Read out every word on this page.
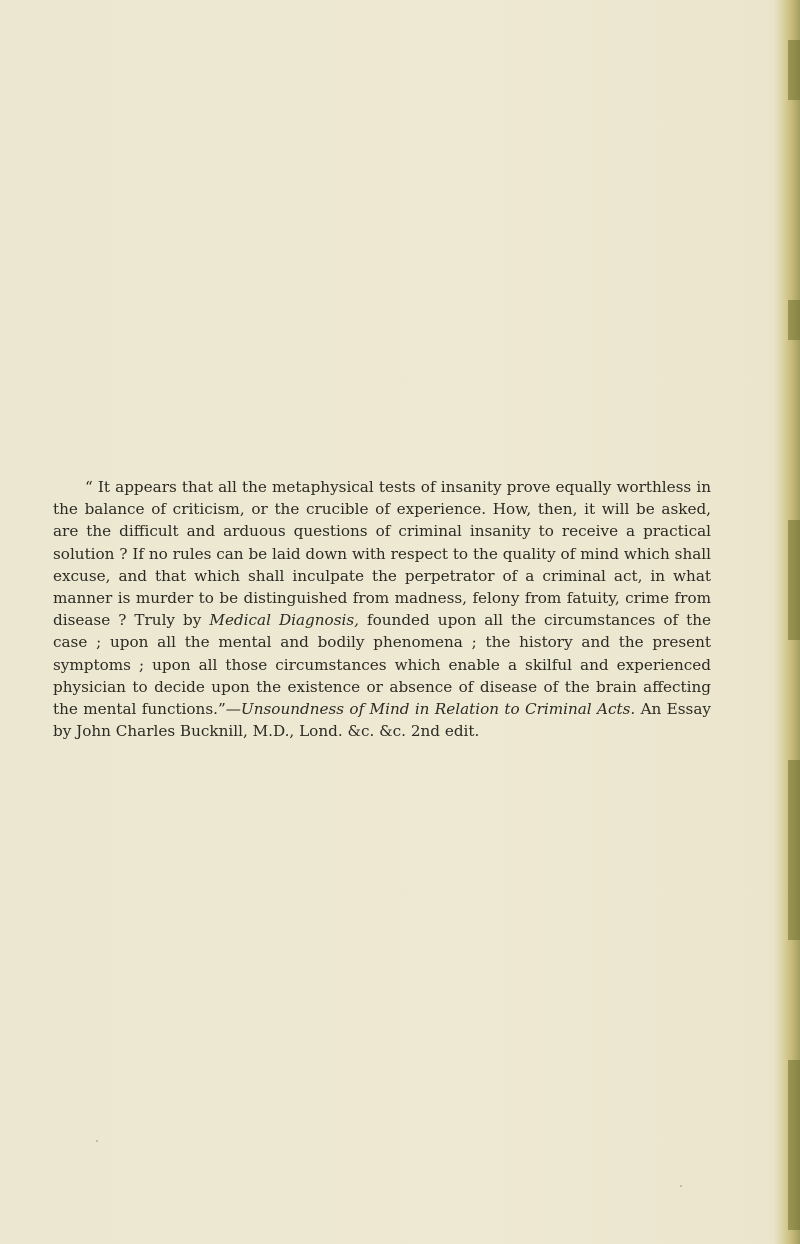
“ It appears that all the metaphysical tests of insanity prove equally worthless in the balance of criticism, or the crucible of experience. How, then, it will be asked, are the difficult and arduous questions of criminal insanity to receive a practical solution ? If no rules can be laid down with respect to the quality of mind which shall excuse, and that which shall inculpate the perpetrator of a criminal act, in what manner is murder to be distinguished from madness, felony from fatuity, crime from disease ? Truly by Medical Diagnosis, founded upon all the circumstances of the case ; upon all the mental and bodily phenomena ; the history and the present symptoms ; upon all those circumstances which enable a skilful and experienced physician to decide upon the existence or absence of disease of the brain affecting the mental functions.”—Unsoundness of Mind in Relation to Criminal Acts. An Essay by John Charles Bucknill, M.D., Lond. &c. &c. 2nd edit.
